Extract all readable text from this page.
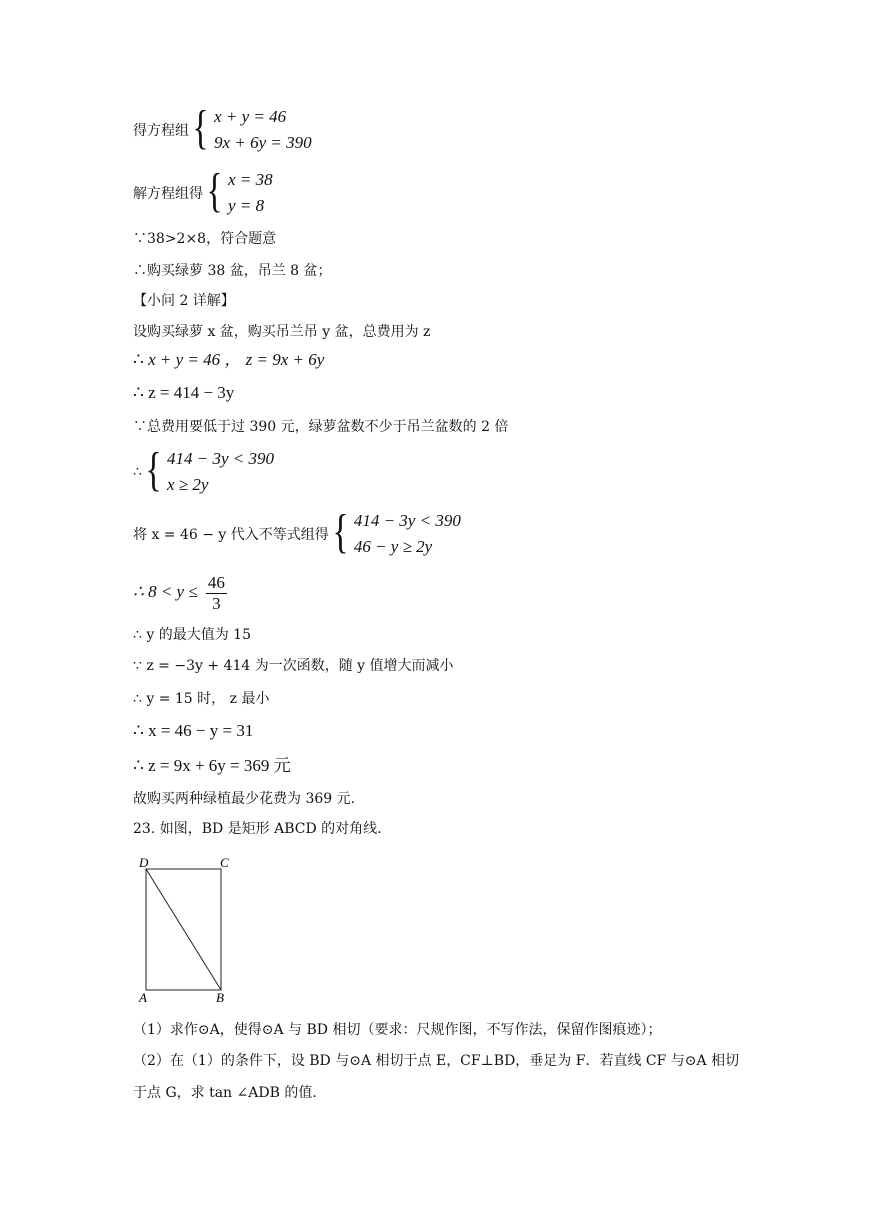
得方程组 { x + y = 46
9x + 6y = 390
解方程组得 { x = 38
y = 8
∵38>2×8，符合题意
∴购买绿萝 38 盆，吊兰 8 盆；
【小问 2 详解】
设购买绿萝 x 盆，购买吊兰吊 y 盆，总费用为 z
∴ x + y = 46 ， z = 9x + 6y
∴ z = 414 − 3y
∵总费用要低于过 390 元，绿萝盆数不少于吊兰盆数的 2 倍
∴ { 414 − 3y < 390
x ≥ 2y
将 x = 46 − y 代入不等式组得 { 414 − 3y < 390
46 − y ≥ 2y
∴ $8 < y \le \frac{46}{3}$
∴ y 的最大值为 15
∵ z = −3y + 414 为一次函数，随 y 值增大而减小
∴ y = 15 时， z 最小
∴ x = 46 − y = 31
∴ z = 9x + 6y = 369 元
故购买两种绿植最少花费为 369 元.
23. 如图，BD 是矩形 ABCD 的对角线.
D	C
A	B
（1）求作⊙A，使得⊙A 与 BD 相切（要求：尺规作图，不写作法，保留作图痕迹）；
（2）在（1）的条件下，设 BD 与⊙A 相切于点 E，CF⊥BD，垂足为 F．若直线 CF 与⊙A 相切
于点 G，求 tan ∠ADB 的值.
